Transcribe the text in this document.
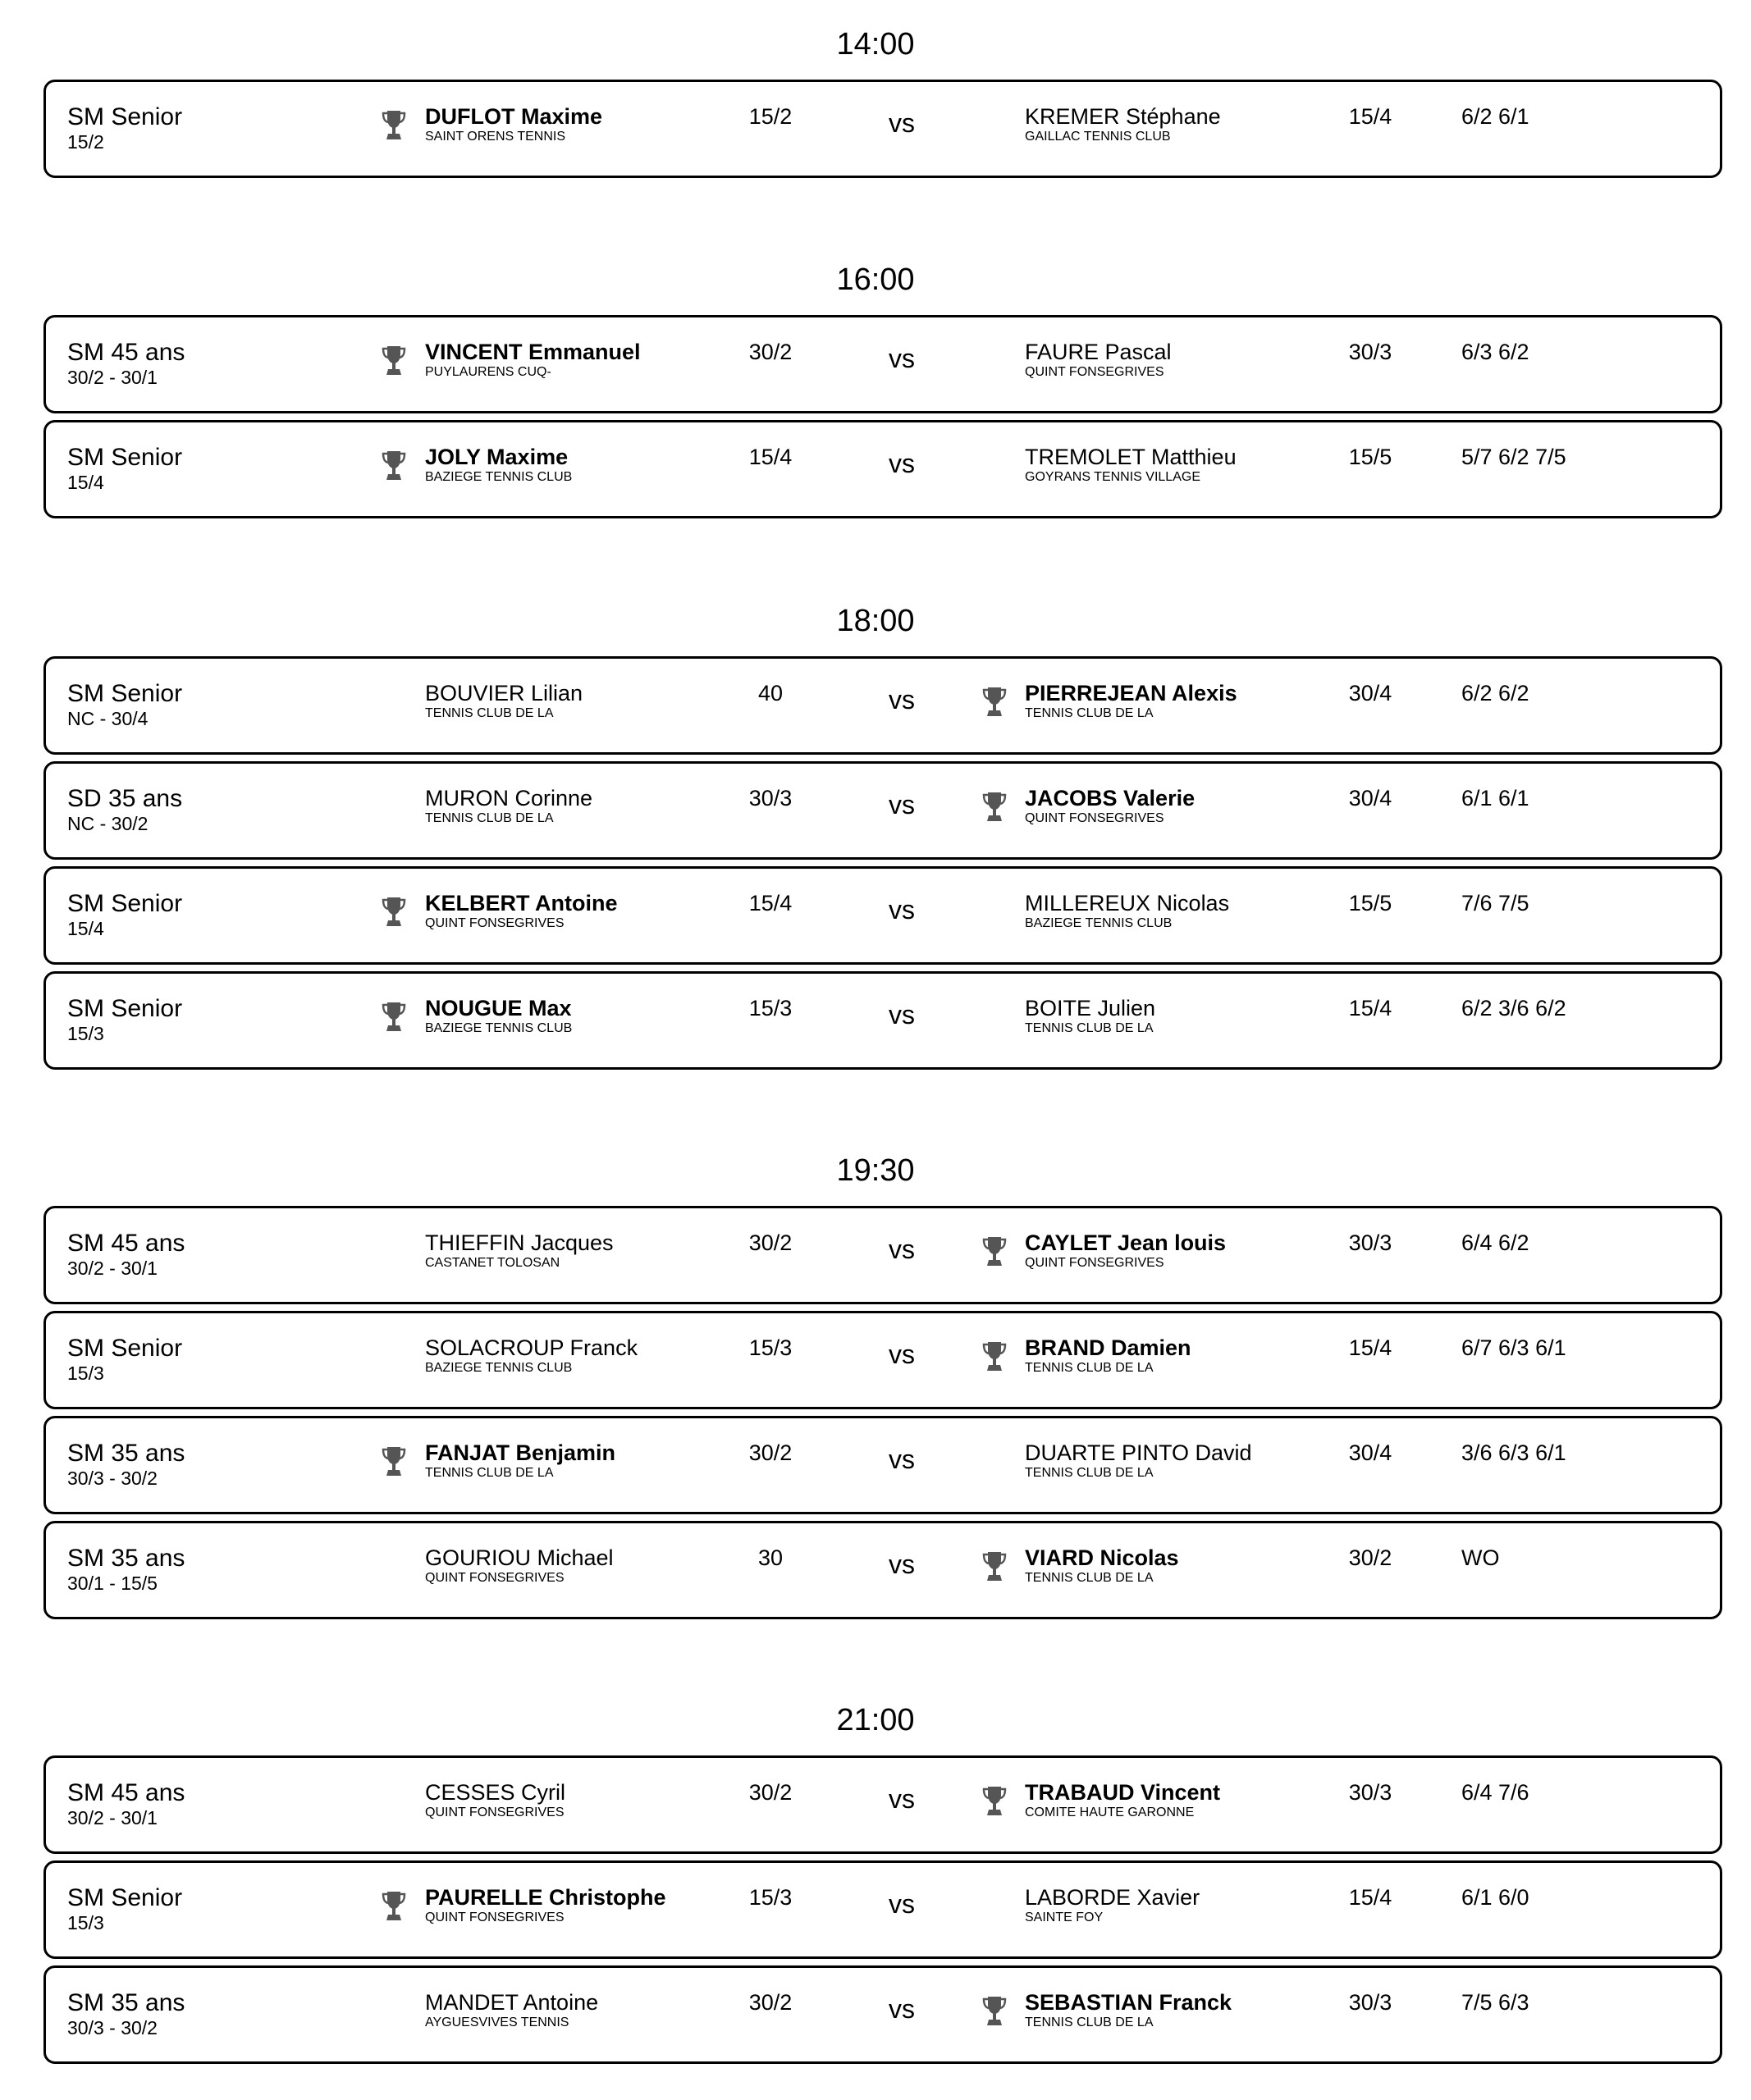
14:00
SM Senior
15/2
DUFLOT Maxime
SAINT ORENS TENNIS
15/2	vs	KREMER Stéphane
GAILLAC TENNIS CLUB
15/4	6/2 6/1
16:00
SM 45 ans
30/2 - 30/1
VINCENT Emmanuel
PUYLAURENS CUQ-
30/2	vs	FAURE Pascal
QUINT FONSEGRIVES
30/3	6/3 6/2
SM Senior
15/4
JOLY Maxime
BAZIEGE TENNIS CLUB
15/4	vs	TREMOLET Matthieu
GOYRANS TENNIS VILLAGE
15/5	5/7 6/2 7/5
18:00
SM Senior
NC - 30/4
BOUVIER Lilian
TENNIS CLUB DE LA
40	vs	PIERREJEAN Alexis
TENNIS CLUB DE LA
30/4	6/2 6/2
SD 35 ans
NC - 30/2
MURON Corinne
TENNIS CLUB DE LA
30/3	vs	JACOBS Valerie
QUINT FONSEGRIVES
30/4	6/1 6/1
SM Senior
15/4
KELBERT Antoine
QUINT FONSEGRIVES
15/4	vs	MILLEREUX Nicolas
BAZIEGE TENNIS CLUB
15/5	7/6 7/5
SM Senior
15/3
NOUGUE Max
BAZIEGE TENNIS CLUB
15/3	vs	BOITE Julien
TENNIS CLUB DE LA
15/4	6/2 3/6 6/2
19:30
SM 45 ans
30/2 - 30/1
THIEFFIN Jacques
CASTANET TOLOSAN
30/2	vs	CAYLET Jean louis
QUINT FONSEGRIVES
30/3	6/4 6/2
SM Senior
15/3
SOLACROUP Franck
BAZIEGE TENNIS CLUB
15/3	vs	BRAND Damien
TENNIS CLUB DE LA
15/4	6/7 6/3 6/1
SM 35 ans
30/3 - 30/2
FANJAT Benjamin
TENNIS CLUB DE LA
30/2	vs	DUARTE PINTO David
TENNIS CLUB DE LA
30/4	3/6 6/3 6/1
SM 35 ans
30/1 - 15/5
GOURIOU Michael
QUINT FONSEGRIVES
30	vs	VIARD Nicolas
TENNIS CLUB DE LA
30/2	WO
21:00
SM 45 ans
30/2 - 30/1
CESSES Cyril
QUINT FONSEGRIVES
30/2	vs	TRABAUD Vincent
COMITE HAUTE GARONNE
30/3	6/4 7/6
SM Senior
15/3
PAURELLE Christophe
QUINT FONSEGRIVES
15/3	vs	LABORDE Xavier
SAINTE FOY
15/4	6/1 6/0
SM 35 ans
30/3 - 30/2
MANDET Antoine
AYGUESVIVES TENNIS
30/2	vs	SEBASTIAN Franck
TENNIS CLUB DE LA
30/3	7/5 6/3
